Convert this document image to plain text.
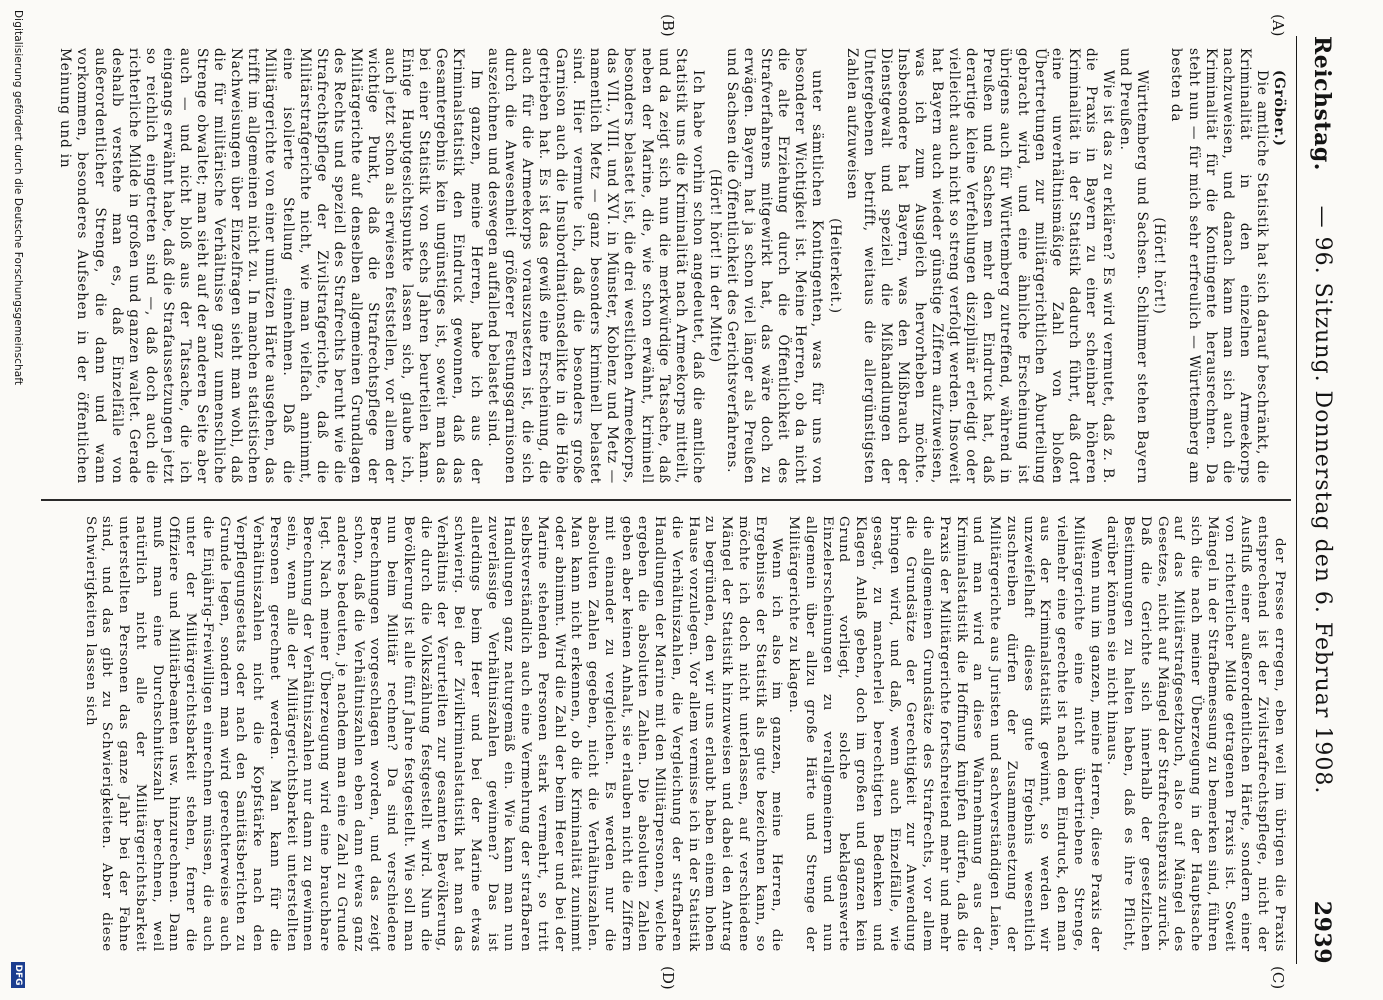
Reichstag.
— 96. Sitzung. Donnerstag den 6. Februar 1908.
2939
(A)
(B)
(C)
(D)

(Gröber.)

Die amtliche Statistik hat sich darauf beschränkt, die Kriminalität in den einzelnen Armeekorps nachzuweisen, und danach kann man sich auch die Kriminalität für die Kontingente herausrechnen. Da steht nun — für mich sehr erfreulich — Württemberg am besten da

(Hört! hört!)

Württemberg und Sachsen. Schlimmer stehen Bayern und Preußen.

Wie ist das zu erklären? Es wird vermutet, daß z. B. die Praxis in Bayern zu einer scheinbar höheren Kriminalität in der Statistik dadurch führt, daß dort eine unverhältnismäßige Zahl von bloßen Übertretungen zur militärgerichtlichen Aburteilung gebracht wird, und eine ähnliche Erscheinung ist übrigens auch für Württemberg zutreffend, während in Preußen und Sachsen mehr den Eindruck hat, daß derartige kleine Verfehlungen disziplinär erledigt oder vielleicht auch nicht so streng verfolgt werden. Insoweit hat Bayern auch wieder günstige Ziffern aufzuweisen, was ich zum Ausgleich hervorheben möchte. Insbesondere hat Bayern, was den Mißbrauch der Dienstgewalt und speziell die Mißhandlungen der Untergebenen betrifft, weitaus die allergünstigsten Zahlen aufzuweisen

(Heiterkeit.)

unter sämtlichen Kontingenten, was für uns von besonderer Wichtigkeit ist. Meine Herren, ob da nicht die alte Erziehung durch die Öffentlichkeit des Strafverfahrens mitgewirkt hat, das wäre doch zu erwägen. Bayern hat ja schon viel länger als Preußen und Sachsen die Öffentlichkeit des Gerichtsverfahrens.

(Hört! hört! in der Mitte)

Ich habe vorhin schon angedeutet, daß die amtliche Statistik uns die Kriminalität nach Armeekorps mitteilt, und da zeigt sich nun die merkwürdige Tatsache, daß neben der Marine, die, wie schon erwähnt, kriminell besonders belastet ist, die drei westlichen Armeekorps, das VII., VIII. und XVI. in Münster, Koblenz und Metz — namentlich Metz — ganz besonders kriminell belastet sind. Hier vermute ich, daß die besonders große Garnison auch die Insubordinationsdelikte in die Höhe getrieben hat. Es ist das gewiß eine Erscheinung, die auch für die Armeekorps vorauszusetzen ist, die sich durch die Anwesenheit größerer Festungsgarnisonen auszeichnen und deswegen auffallend belastet sind.

Im ganzen, meine Herren, habe ich aus der Kriminalstatistik den Eindruck gewonnen, daß das Gesamtergebnis kein ungünstiges ist, soweit man das bei einer Statistik von sechs Jahren beurteilen kann. Einige Hauptgesichtspunkte lassen sich, glaube ich, auch jetzt schon als erwiesen feststellen, vor allem der wichtige Punkt, daß die Strafrechtspflege der Militärgerichte auf denselben allgemeinen Grundlagen des Rechts und speziell des Strafrechts beruht wie die Strafrechtspflege der Zivilstrafgerichte, daß die Militärstrafgerichte nicht, wie man vielfach annimmt, eine isolierte Stellung einnehmen. Daß die Militärgerichte von einer unnützen Härte ausgehen, das trifft im allgemeinen nicht zu. In manchen statistischen Nachweisungen über Einzelfragen sieht man wohl, daß die für militärische Verhältnisse ganz unmenschliche Strenge obwaltet; man sieht auf der anderen Seite aber auch — und nicht bloß aus der Tatsache, die ich eingangs erwähnt habe, daß die Strafaussetzungen jetzt so reichlich eingetreten sind —, daß doch auch die richterliche Milde in großen und ganzen waltet. Gerade deshalb verstehe man es, daß Einzelfälle von außerordentlicher Strenge, die dann und wann vorkommen, besonderes Aufsehen in der öffentlichen Meinung und in

der Presse erregen, eben weil im übrigen die Praxis entsprechend ist der Zivilstrafrechtspflege, nicht der Ausfluß einer außerordentlichen Härte, sondern einer von richterlicher Milde getragenen Praxis ist. Soweit Mängel in der Strafbemessung zu bemerken sind, führen sich die nach meiner Überzeugung in der Hauptsache auf das Militärstrafgesetzbuch, also auf Mängel des Gesetzes, nicht auf Mängel der Strafrechtspraxis zurück. Daß die Gerichte sich innerhalb der gesetzlichen Bestimmungen zu halten haben, daß es ihre Pflicht, darüber können sie nicht hinaus.

Wenn nun im ganzen, meine Herren, diese Praxis der Militärgerichte eine nicht übertriebene Strenge, vielmehr eine gerechte ist nach dem Eindruck, den man aus der Kriminalstatistik gewinnt, so werden wir unzweifelhaft dieses gute Ergebnis wesentlich zuschreiben dürfen der Zusammensetzung der Militärgerichte aus Juristen und sachverständigen Laien, und man wird an diese Wahrnehmung aus der Kriminalstatistik die Hoffnung knüpfen dürfen, daß die Praxis der Militärgerichte fortschreitend mehr und mehr die allgemeinen Grundsätze des Strafrechts, vor allem die Grundsätze der Gerechtigkeit zur Anwendung bringen wird, und daß, wenn auch Einzelfälle, wie gesagt, zu mancherlei berechtigten Bedenken und Klagen Anlaß geben, doch im großen und ganzen kein Grund vorliegt, solche beklagenswerte Einzelerscheinungen zu verallgemeinern und nun allgemein über allzu große Härte und Strenge der Militärgerichte zu klagen.

Wenn ich also im ganzen, meine Herren, die Ergebnisse der Statistik als gute bezeichnen kann, so möchte ich doch nicht unterlassen, auf verschiedene Mängel der Statistik hinzuweisen und dabei den Antrag zu begründen, den wir uns erlaubt haben einem hohen Hause vorzulegen. Vor allem vermisse ich in der Statistik die Verhältniszahlen, die Vergleichung der strafbaren Handlungen der Marine mit den Militärpersonen, welche ergeben die absoluten Zahlen. Die absoluten Zahlen geben aber keinen Anhalt, sie erlauben nicht die Ziffern mit einander zu vergleichen. Es werden nur die absoluten Zahlen gegeben, nicht die Verhältniszahlen. Man kann nicht erkennen, ob die Kriminalität zunimmt oder abnimmt. Wird die Zahl der beim Heer und bei der Marine stehenden Personen stark vermehrt, so tritt selbstverständlich auch eine Vermehrung der strafbaren Handlungen ganz naturgemäß ein. Wie kann man nun zuverlässige Verhältniszahlen gewinnen? Das ist allerdings beim Heer und bei der Marine etwas schwierig. Bei der Zivilkriminalstatistik hat man das Verhältnis der Verurteilten zur gesamten Bevölkerung, die durch die Volkszählung festgestellt wird. Nun die Bevölkerung ist alle fünf Jahre festgestellt. Wie soll man nun beim Militär rechnen? Da sind verschiedene Berechnungen vorgeschlagen worden, und das zeigt schon, daß die Verhältniszahlen eben dann etwas ganz anderes bedeuten, je nachdem man eine Zahl zu Grunde legt. Nach meiner Überzeugung wird eine brauchbare Berechnung der Verhältniszahlen nur dann zu gewinnen sein, wenn alle der Militärgerichtsbarkeit unterstellten Personen gerechnet werden. Man kann für die Verhältniszahlen nicht die Kopfstärke nach den Verpflegungsetats oder nach den Sanitätsberichten zu Grunde legen, sondern man wird gerechterweise auch die Einjährig-Freiwilligen einrechnen müssen, die auch unter der Militärgerichtsbarkeit stehen, ferner die Offiziere und Militärbeamten usw. hinzurechnen. Dann muß man eine Durchschnittszahl berechnen, weil natürlich nicht alle der Militärgerichtsbarkeit unterstellten Personen das ganze Jahr bei der Fahne sind, und das gibt zu Schwierigkeiten. Aber diese Schwierigkeiten lassen sich

Digitalisierung gefördert durch die Deutsche Forschungsgemeinschaft
DFG
